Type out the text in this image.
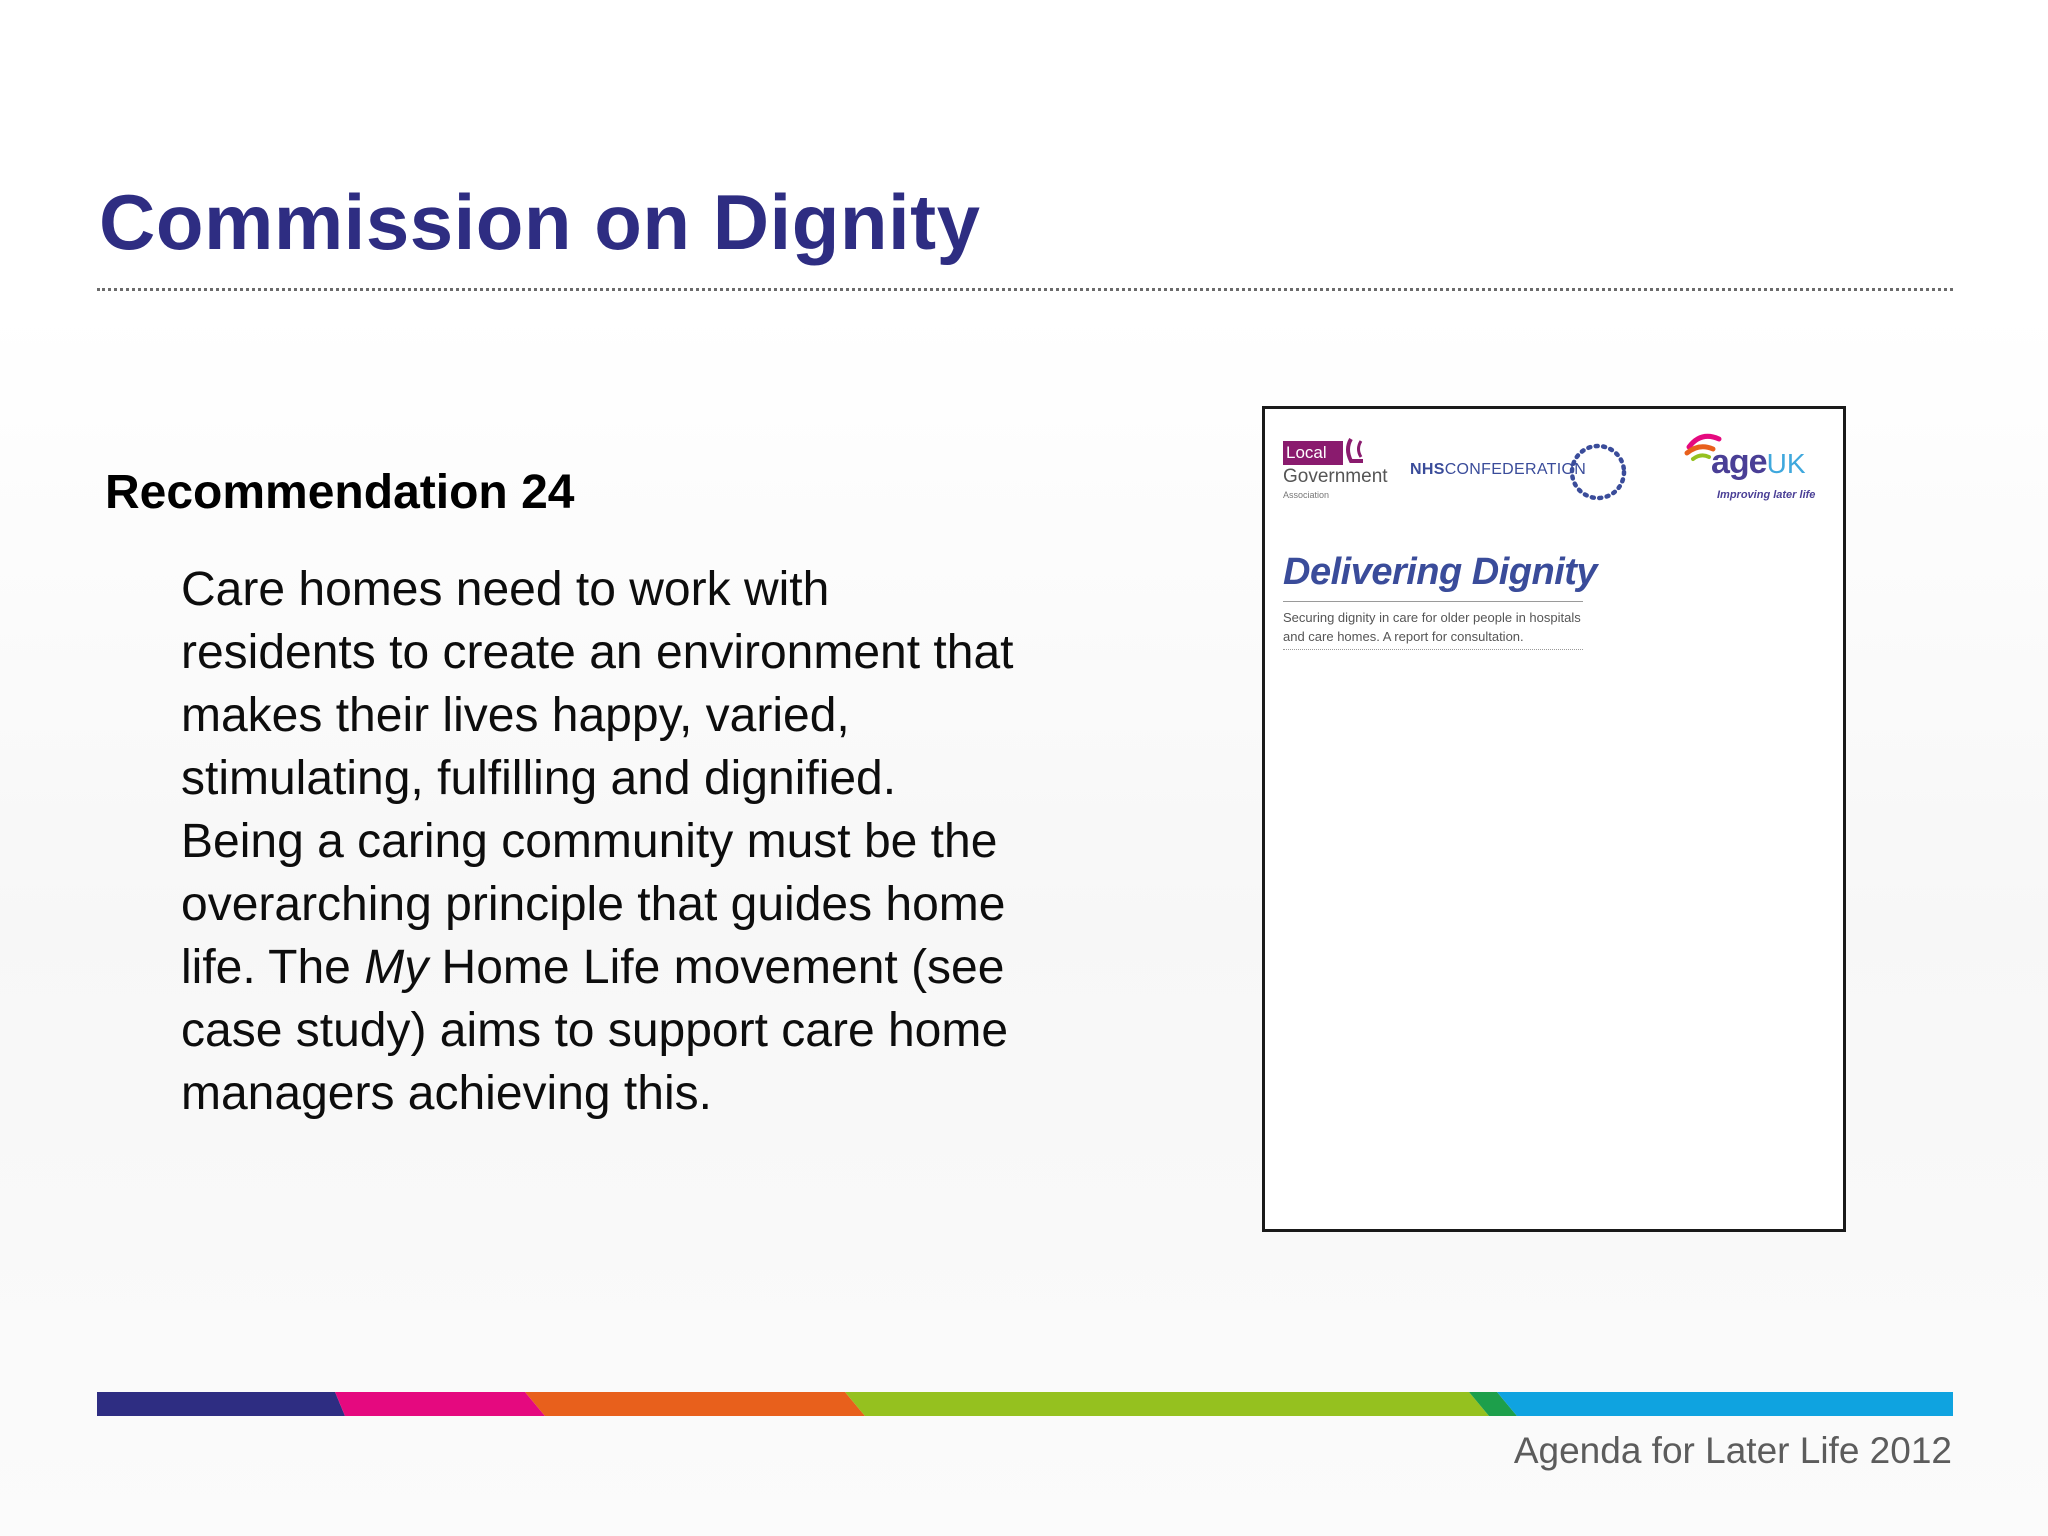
Commission on Dignity
Recommendation 24

Care homes need to work with

residents to create an environment that

makes their lives happy, varied,

stimulating, fulfilling and dignified.

Being a caring community must be the

overarching principle that guides home

life. The My Home Life movement (see

case study) aims to support care home

managers achieving this.

Local
Government
Association
NHSCONFEDERATION	ageUK
Improving later life
Delivering Dignity
Securing dignity in care for older people in hospitals and care homes. A report for consultation.
Agenda for Later Life 2012
